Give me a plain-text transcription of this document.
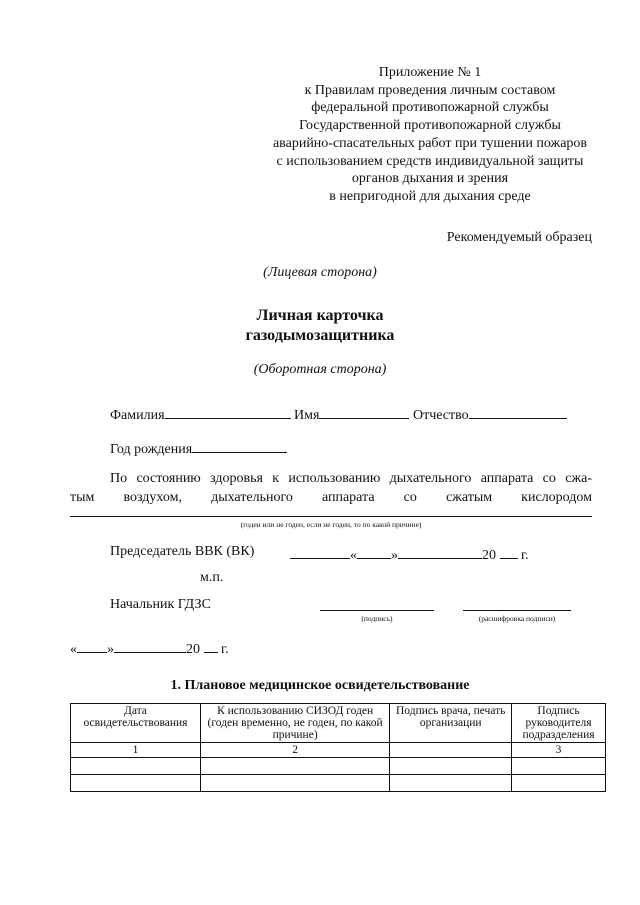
Приложение № 1
к Правилам проведения личным составом
федеральной противопожарной службы
Государственной противопожарной службы
аварийно-спасательных работ при тушении пожаров
с использованием средств индивидуальной защиты
органов дыхания и зрения
в непригодной для дыхания среде
Рекомендуемый образец
(Лицевая сторона)
Личная карточка
газодымозащитника
(Оборотная сторона)
Фамилия	Имя	Отчество
Год рождения
По состоянию здоровья к использованию дыхательного аппарата со сжа-
тым воздухом, дыхательного аппарата со сжатым кислородом
(годен или не годен, если не годен, то по какой причине)
Председатель ВВК (ВК)	« »	20 г.
м.п.
Начальник ГДЗС
(подпись)	(расшифровка подписи)
« »	20 г.
1. Плановое медицинское освидетельствование
Дата освидетельствования	К использованию СИЗОД годен (годен временно, не годен, по какой причине)	Подпись врача, печать организации	Подпись руководителя подразделения
1	2		3
